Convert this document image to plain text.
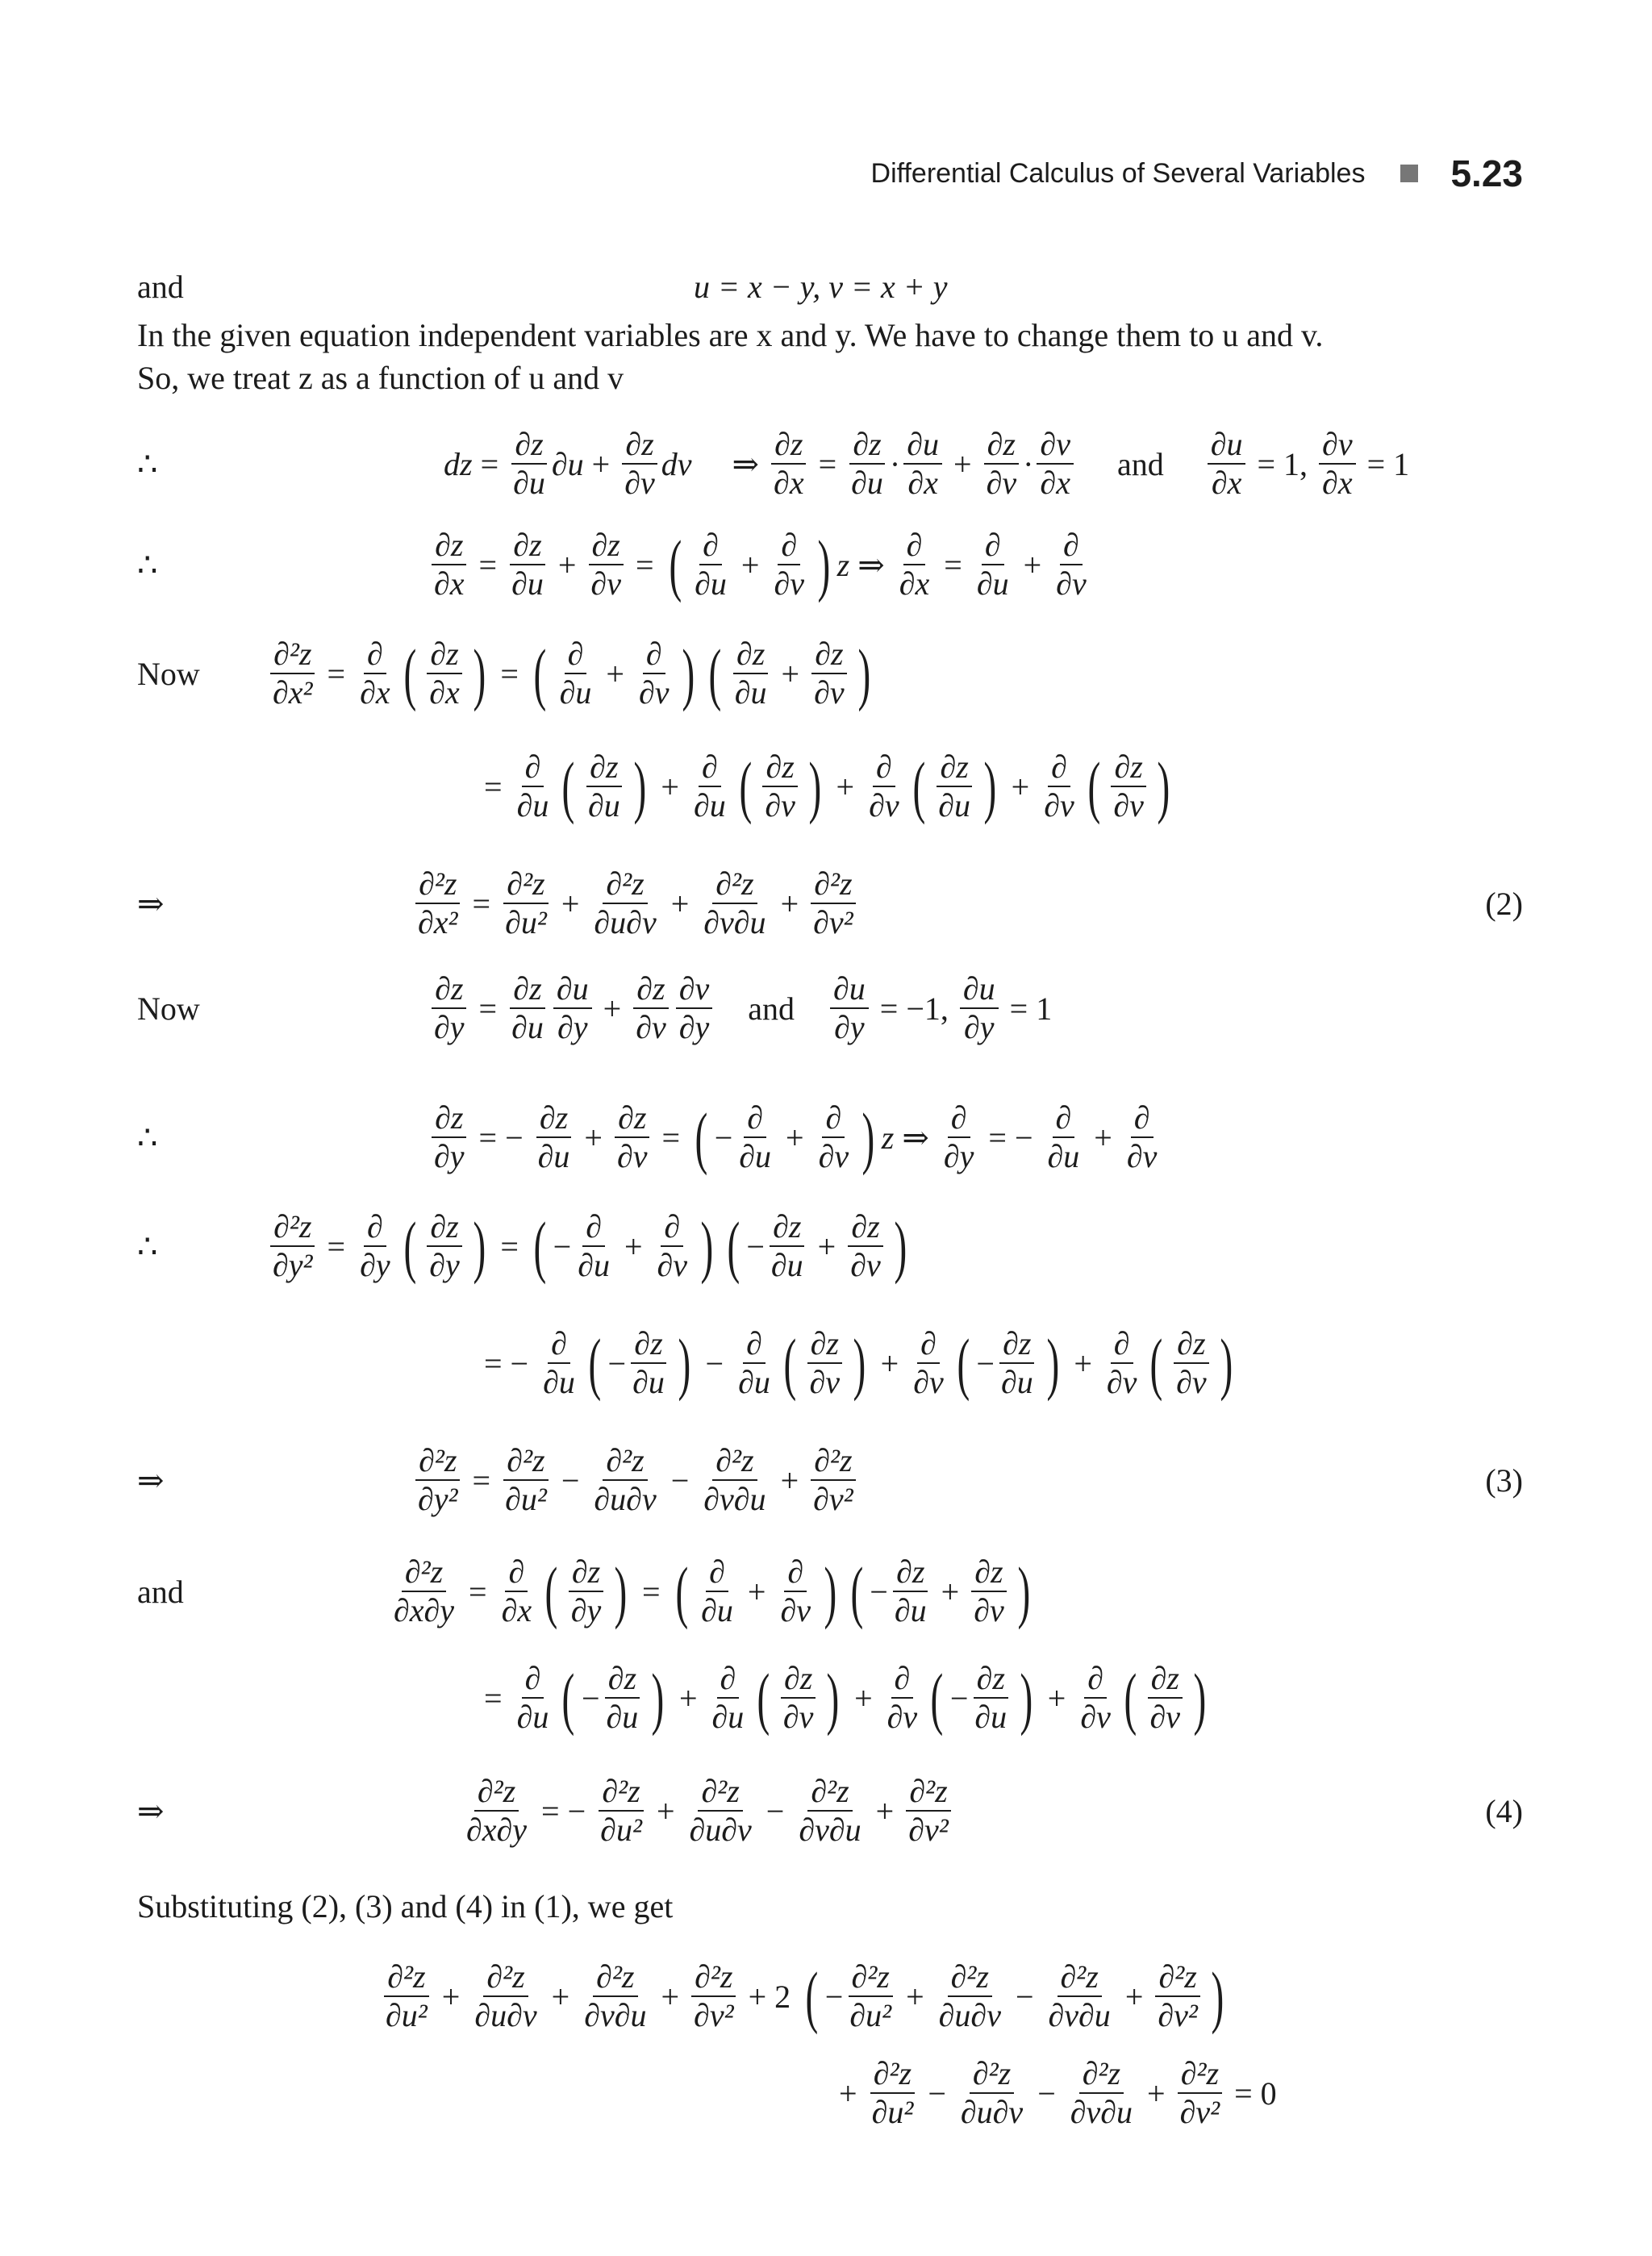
Differential Calculus of Several Variables 5.23
and	u = x − y, v = x + y
In the given equation independent variables are x and y. We have to change them to u and v.
So, we treat z as a function of u and v
∴	dz = $\frac{\partial z}{\partial u} \partial u + \frac{\partial z}{\partial v}$ dv ⇒ $\frac{\partial z}{\partial x} = \frac{\partial z}{\partial u}$ ·
∂u
∂x
+ $\frac{\partial z}{\partial v}$ ·
∂v
∂x
and $\frac{\partial u}{\partial x} = 1$, $\frac{\partial v}{\partial x} = 1$
∴	$\frac{\partial z}{\partial x} = \frac{\partial z}{\partial u} + \frac{\partial z}{\partial v}$ = ( ∂
∂u
+
∂
∂v ) z ⇒
∂
∂x
=
∂
∂u
+
∂
∂v
Now $\frac{\text{∂²z}}{\text{∂x²}}$ =
∂
∂x ( ∂z
∂x ) = ( ∂
∂u
+
∂
∂v ) ( ∂z
∂u
+ $\frac{\partial z}{\partial v}$ )
=
∂
∂u ( ∂z
∂u ) +
∂
∂u ( ∂z
∂v ) +
∂
∂v ( ∂z
∂u ) +
∂
∂v ( ∂z
∂v )
⇒	$\frac{\text{∂²z}}{\text{∂x²}} = \frac{\text{∂²z}}{\text{∂u²}} + \frac{\text{∂²z}}{\partial u\partial v} + \frac{\text{∂²z}}{\partial v\partial u} + \frac{\text{∂²z}}{\text{∂v²}}$	(2)
Now	$\frac{\partial z}{\partial y} = \frac{\partial z}{\partial u} \partial u$
∂y
+ $\frac{\partial z}{\partial v} \partial v$
∂y
and $\frac{\partial u}{\partial y} = -1$, $\frac{\partial u}{\partial y} = 1$
∴	$\frac{\partial z}{\partial y}$ = − $\frac{\partial z}{\partial u} + \frac{\partial z}{\partial v}$ = ( −
∂
∂u
+
∂
∂v ) z ⇒
∂
∂y
= −
∂
∂u
+
∂
∂v
∴	$\frac{\text{∂²z}}{\text{∂y²}}$ =
∂
∂y ( ∂z
∂y ) = ( −
∂
∂u
+
∂
∂v ) ( −
∂z
∂u
+ $\frac{\partial z}{\partial v}$ )
= −
∂
∂u ( −
∂z
∂u ) −
∂
∂u ( ∂z
∂v ) +
∂
∂v ( −
∂z
∂u ) +
∂
∂v ( ∂z
∂v )
⇒	$\frac{\text{∂²z}}{\text{∂y²}} = \frac{\text{∂²z}}{\text{∂u²}} - \frac{\text{∂²z}}{\partial u\partial v} - \frac{\text{∂²z}}{\partial v\partial u} + \frac{\text{∂²z}}{\text{∂v²}}$	(3)
and	$\frac{\text{∂²z}}{\partial x\partial y}$ =
∂
∂x ( ∂z
∂y ) = ( ∂
∂u
+
∂
∂v ) ( −
∂z
∂u
+ $\frac{\partial z}{\partial v}$ )
=
∂
∂u ( −
∂z
∂u ) +
∂
∂u ( ∂z
∂v ) +
∂
∂v ( −
∂z
∂u ) +
∂
∂v ( ∂z
∂v )
⇒	$\frac{\text{∂²z}}{\partial x\partial y}$ = − $\frac{\text{∂²z}}{\text{∂u²}} + \frac{\text{∂²z}}{\partial u\partial v} - \frac{\text{∂²z}}{\partial v\partial u} + \frac{\text{∂²z}}{\text{∂v²}}$	(4)
Substituting (2), (3) and (4) in (1), we get
∂²z
∂u²
+ $\frac{\text{∂²z}}{\partial u\partial v} + \frac{\text{∂²z}}{\partial v\partial u} + \frac{\text{∂²z}}{\text{∂v²}} + 2$ ( −
∂²z
∂u²
+ $\frac{\text{∂²z}}{\partial u\partial v} - \frac{\text{∂²z}}{\partial v\partial u} + \frac{\text{∂²z}}{\text{∂v²}}$ )
+ $\frac{\text{∂²z}}{\text{∂u²}} - \frac{\text{∂²z}}{\partial u\partial v} - \frac{\text{∂²z}}{\partial v\partial u} + \frac{\text{∂²z}}{\text{∂v²}} = 0$
